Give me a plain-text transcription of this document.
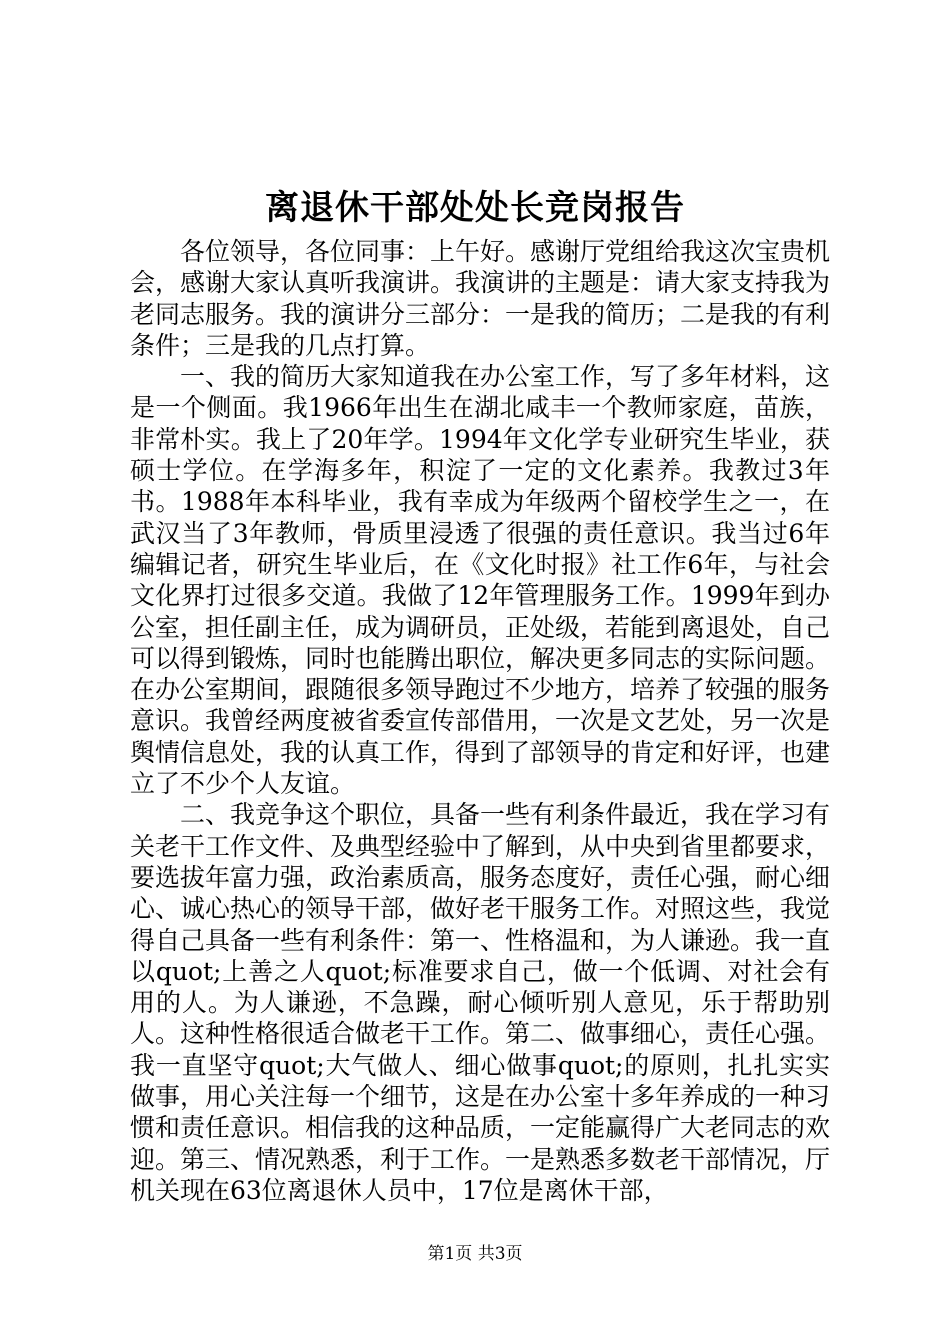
离退休干部处处长竞岗报告

各位领导，各位同事：上午好。感谢厅党组给我这次宝贵机会，感谢大家认真听我演讲。我演讲的主题是：请大家支持我为老同志服务。我的演讲分三部分：一是我的简历；二是我的有利条件；三是我的几点打算。

一、我的简历大家知道我在办公室工作，写了多年材料，这是一个侧面。我1966年出生在湖北咸丰一个教师家庭，苗族，非常朴实。我上了20年学。1994年文化学专业研究生毕业，获硕士学位。在学海多年，积淀了一定的文化素养。我教过3年书。1988年本科毕业，我有幸成为年级两个留校学生之一，在武汉当了3年教师，骨质里浸透了很强的责任意识。我当过6年编辑记者，研究生毕业后，在《文化时报》社工作6年，与社会文化界打过很多交道。我做了12年管理服务工作。1999年到办公室，担任副主任，成为调研员，正处级，若能到离退处，自己可以得到锻炼，同时也能腾出职位，解决更多同志的实际问题。在办公室期间，跟随很多领导跑过不少地方，培养了较强的服务意识。我曾经两度被省委宣传部借用，一次是文艺处，另一次是舆情信息处，我的认真工作，得到了部领导的肯定和好评，也建立了不少个人友谊。

二、我竞争这个职位，具备一些有利条件最近，我在学习有关老干工作文件、及典型经验中了解到，从中央到省里都要求，要选拔年富力强，政治素质高，服务态度好，责任心强，耐心细心、诚心热心的领导干部，做好老干服务工作。对照这些，我觉得自己具备一些有利条件：第一、性格温和，为人谦逊。我一直以quot;上善之人quot;标准要求自己，做一个低调、对社会有用的人。为人谦逊，不急躁，耐心倾听别人意见，乐于帮助别人。这种性格很适合做老干工作。第二、做事细心，责任心强。我一直坚守quot;大气做人、细心做事quot;的原则，扎扎实实做事，用心关注每一个细节，这是在办公室十多年养成的一种习惯和责任意识。相信我的这种品质，一定能赢得广大老同志的欢迎。第三、情况熟悉，利于工作。一是熟悉多数老干部情况，厅机关现在63位离退休人员中，17位是离休干部，

第1页 共3页
